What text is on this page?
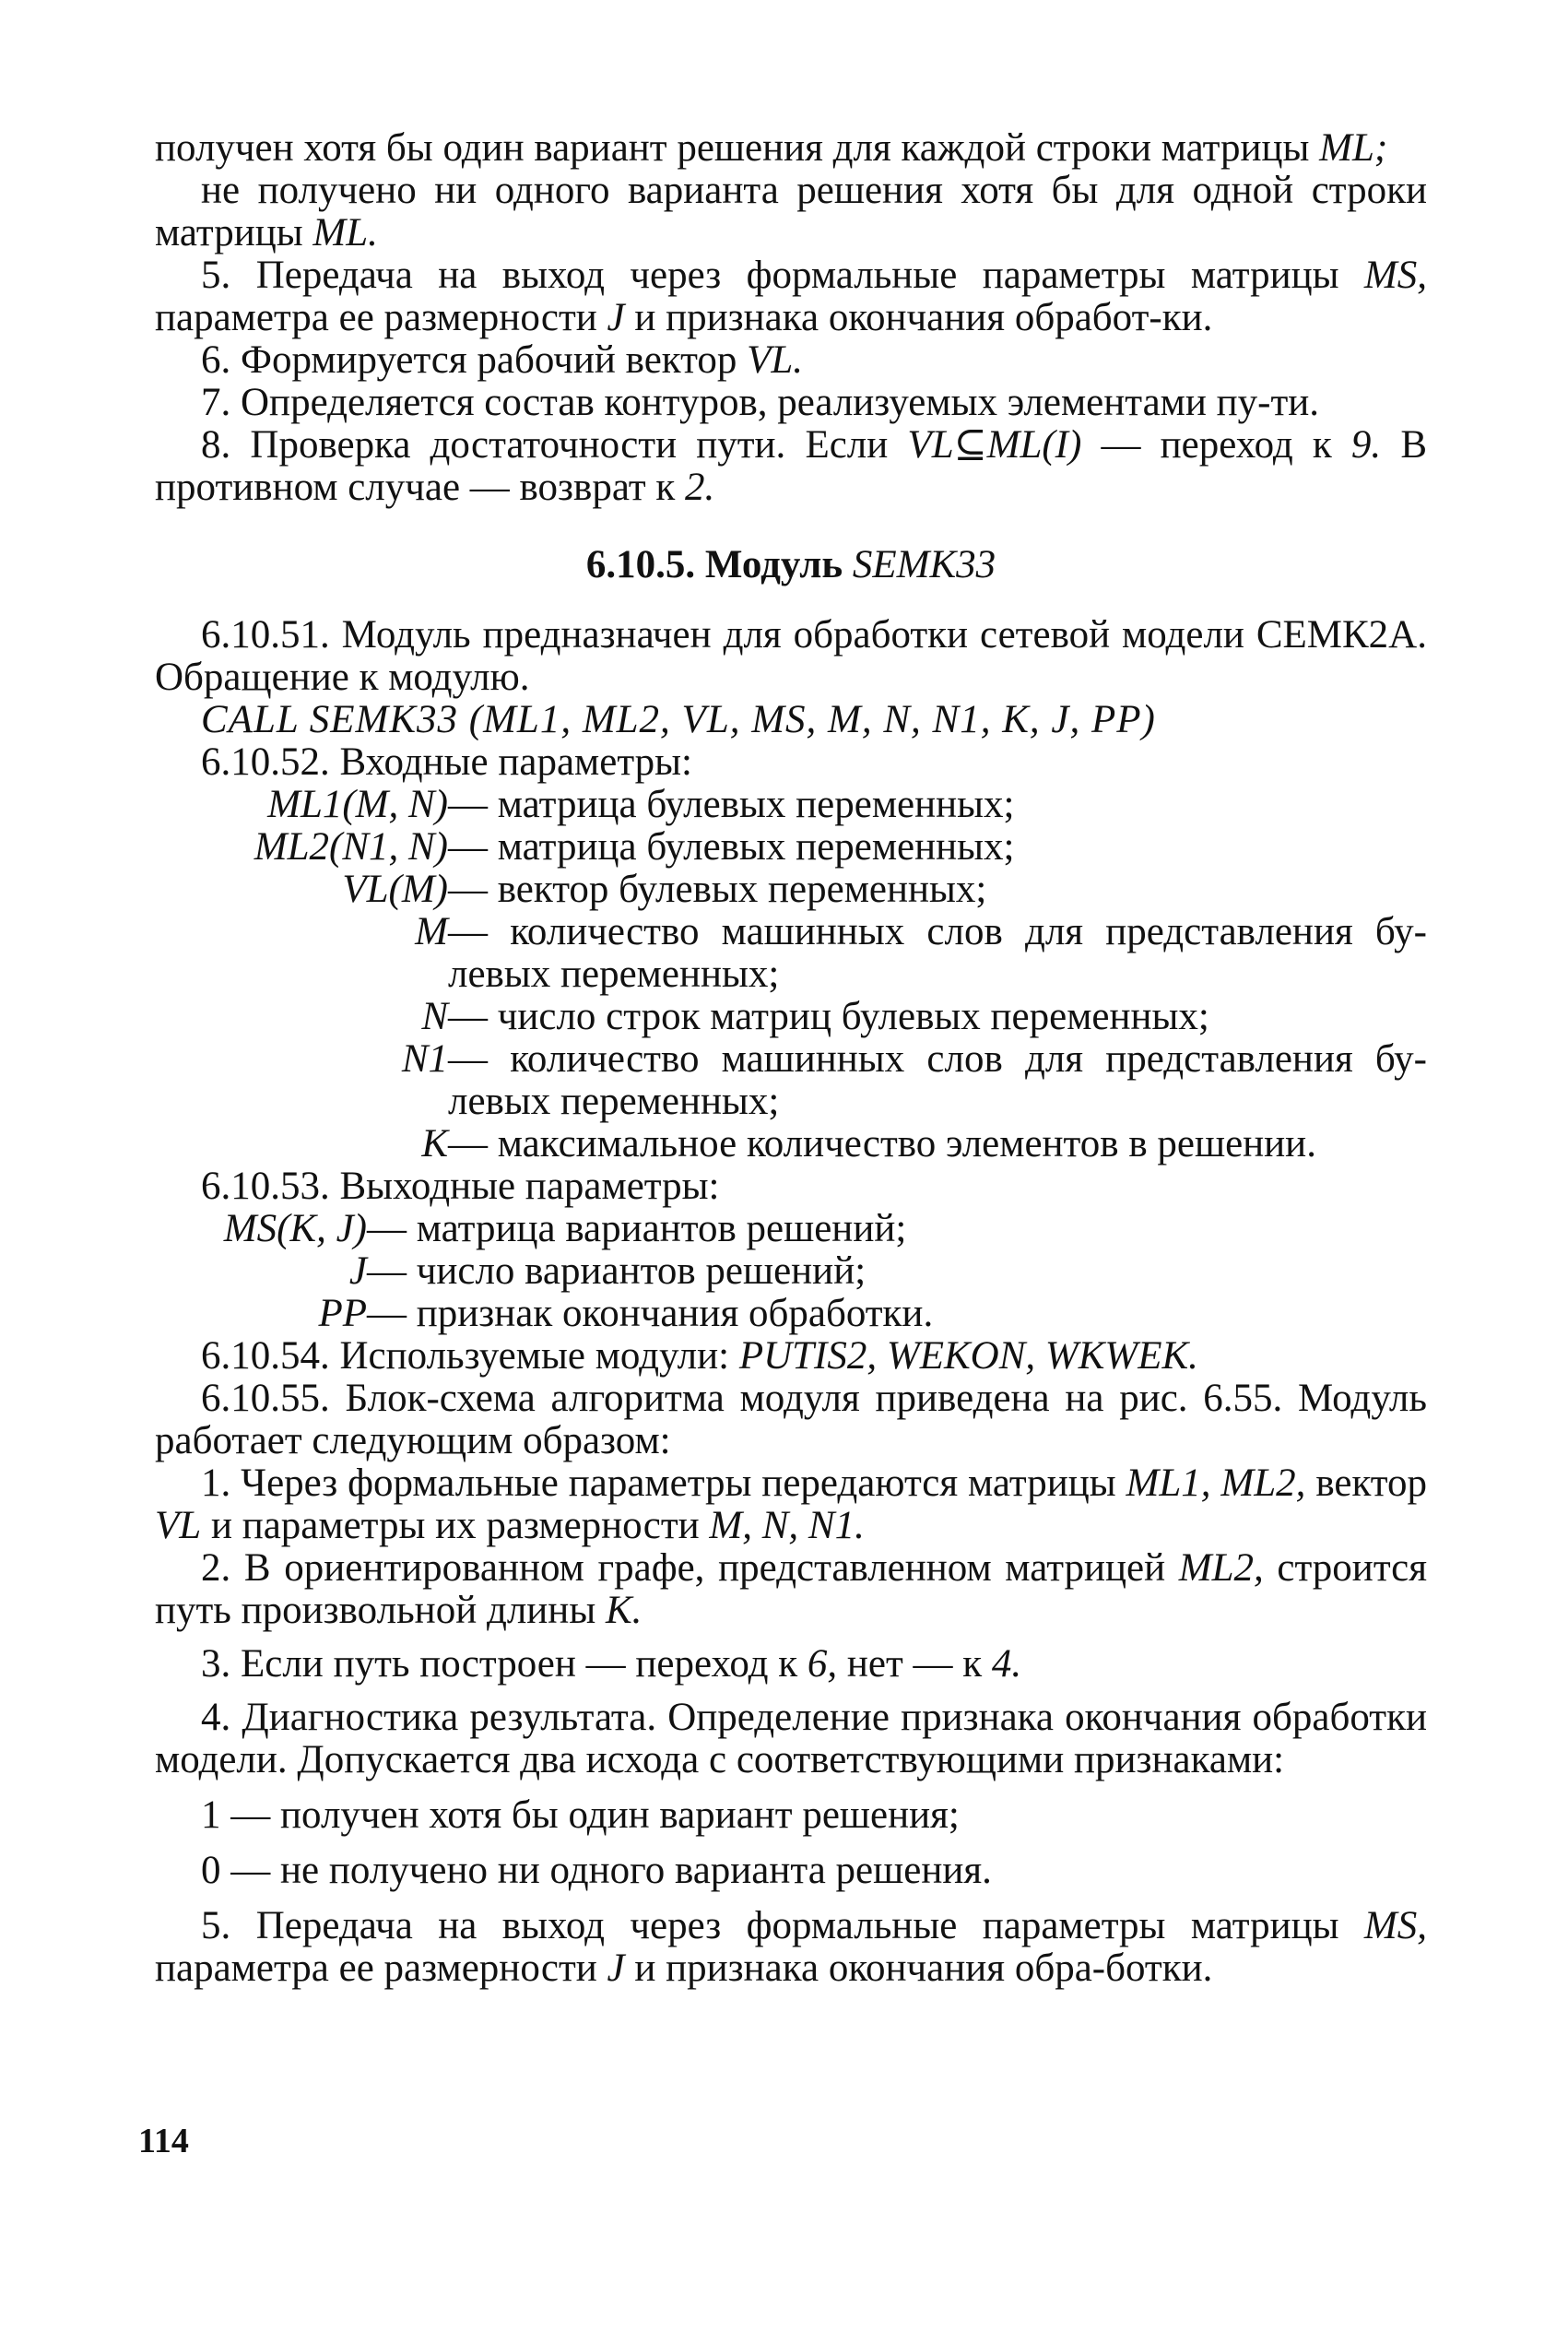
получен хотя бы один вариант решения для каждой строки матрицы ML;

не получено ни одного варианта решения хотя бы для одной строки матрицы ML.

5. Передача на выход через формальные параметры матрицы MS, параметра ее размерности J и признака окончания обработ-ки.

6. Формируется рабочий вектор VL.

7. Определяется состав контуров, реализуемых элементами пу-ти.

8. Проверка достаточности пути. Если VL⊆ML(I) — переход к 9. В противном случае — возврат к 2.

6.10.5. Модуль SEMK33

6.10.51. Модуль предназначен для обработки сетевой модели СЕМК2А. Обращение к модулю.

CALL SEMK33 (ML1, ML2, VL, MS, M, N, N1, K, J, PP)

6.10.52. Входные параметры:

ML1(M, N) — матрица булевых переменных;
ML2(N1, N) — матрица булевых переменных;
VL(M) — вектор булевых переменных;
M — количество машинных слов для представления бу-левых переменных;
N — число строк матриц булевых переменных;
N1 — количество машинных слов для представления бу-левых переменных;
K — максимальное количество элементов в решении.

6.10.53. Выходные параметры:

MS(K, J) — матрица вариантов решений;
J — число вариантов решений;
PP — признак окончания обработки.

6.10.54. Используемые модули: PUTIS2, WEKON, WKWEK.

6.10.55. Блок-схема алгоритма модуля приведена на рис. 6.55. Модуль работает следующим образом:

1. Через формальные параметры передаются матрицы ML1, ML2, вектор VL и параметры их размерности M, N, N1.

2. В ориентированном графе, представленном матрицей ML2, строится путь произвольной длины K.

3. Если путь построен — переход к 6, нет — к 4.

4. Диагностика результата. Определение признака окончания обработки модели. Допускается два исхода с соответствующими признаками:

1 — получен хотя бы один вариант решения;

0 — не получено ни одного варианта решения.

5. Передача на выход через формальные параметры матрицы MS, параметра ее размерности J и признака окончания обра-ботки.

114
